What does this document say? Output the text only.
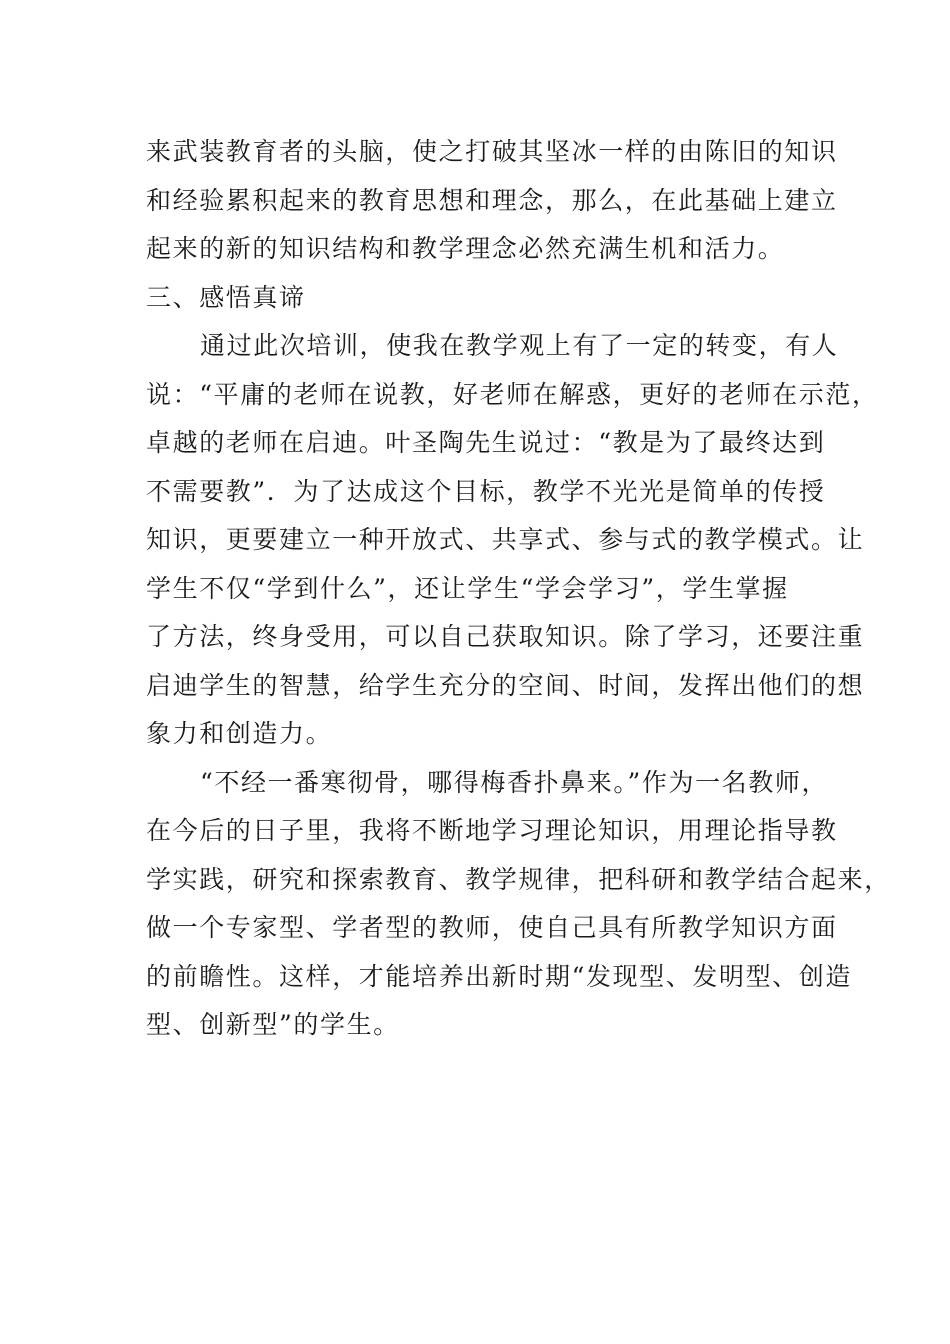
来武装教育者的头脑，使之打破其坚冰一样的由陈旧的知识
和经验累积起来的教育思想和理念，那么，在此基础上建立
起来的新的知识结构和教学理念必然充满生机和活力。
三、感悟真谛
通过此次培训，使我在教学观上有了一定的转变，有人
说：“平庸的老师在说教，好老师在解惑，更好的老师在示范，
卓越的老师在启迪。叶圣陶先生说过：“教是为了最终达到
不需要教”．为了达成这个目标，教学不光光是简单的传授
知识，更要建立一种开放式、共享式、参与式的教学模式。让
学生不仅“学到什么”，还让学生“学会学习”，学生掌握
了方法，终身受用，可以自己获取知识。除了学习，还要注重
启迪学生的智慧，给学生充分的空间、时间，发挥出他们的想
象力和创造力。
“不经一番寒彻骨，哪得梅香扑鼻来。”作为一名教师，
在今后的日子里，我将不断地学习理论知识，用理论指导教
学实践，研究和探索教育、教学规律，把科研和教学结合起来，
做一个专家型、学者型的教师，使自己具有所教学知识方面
的前瞻性。这样，才能培养出新时期“发现型、发明型、创造
型、创新型”的学生。
